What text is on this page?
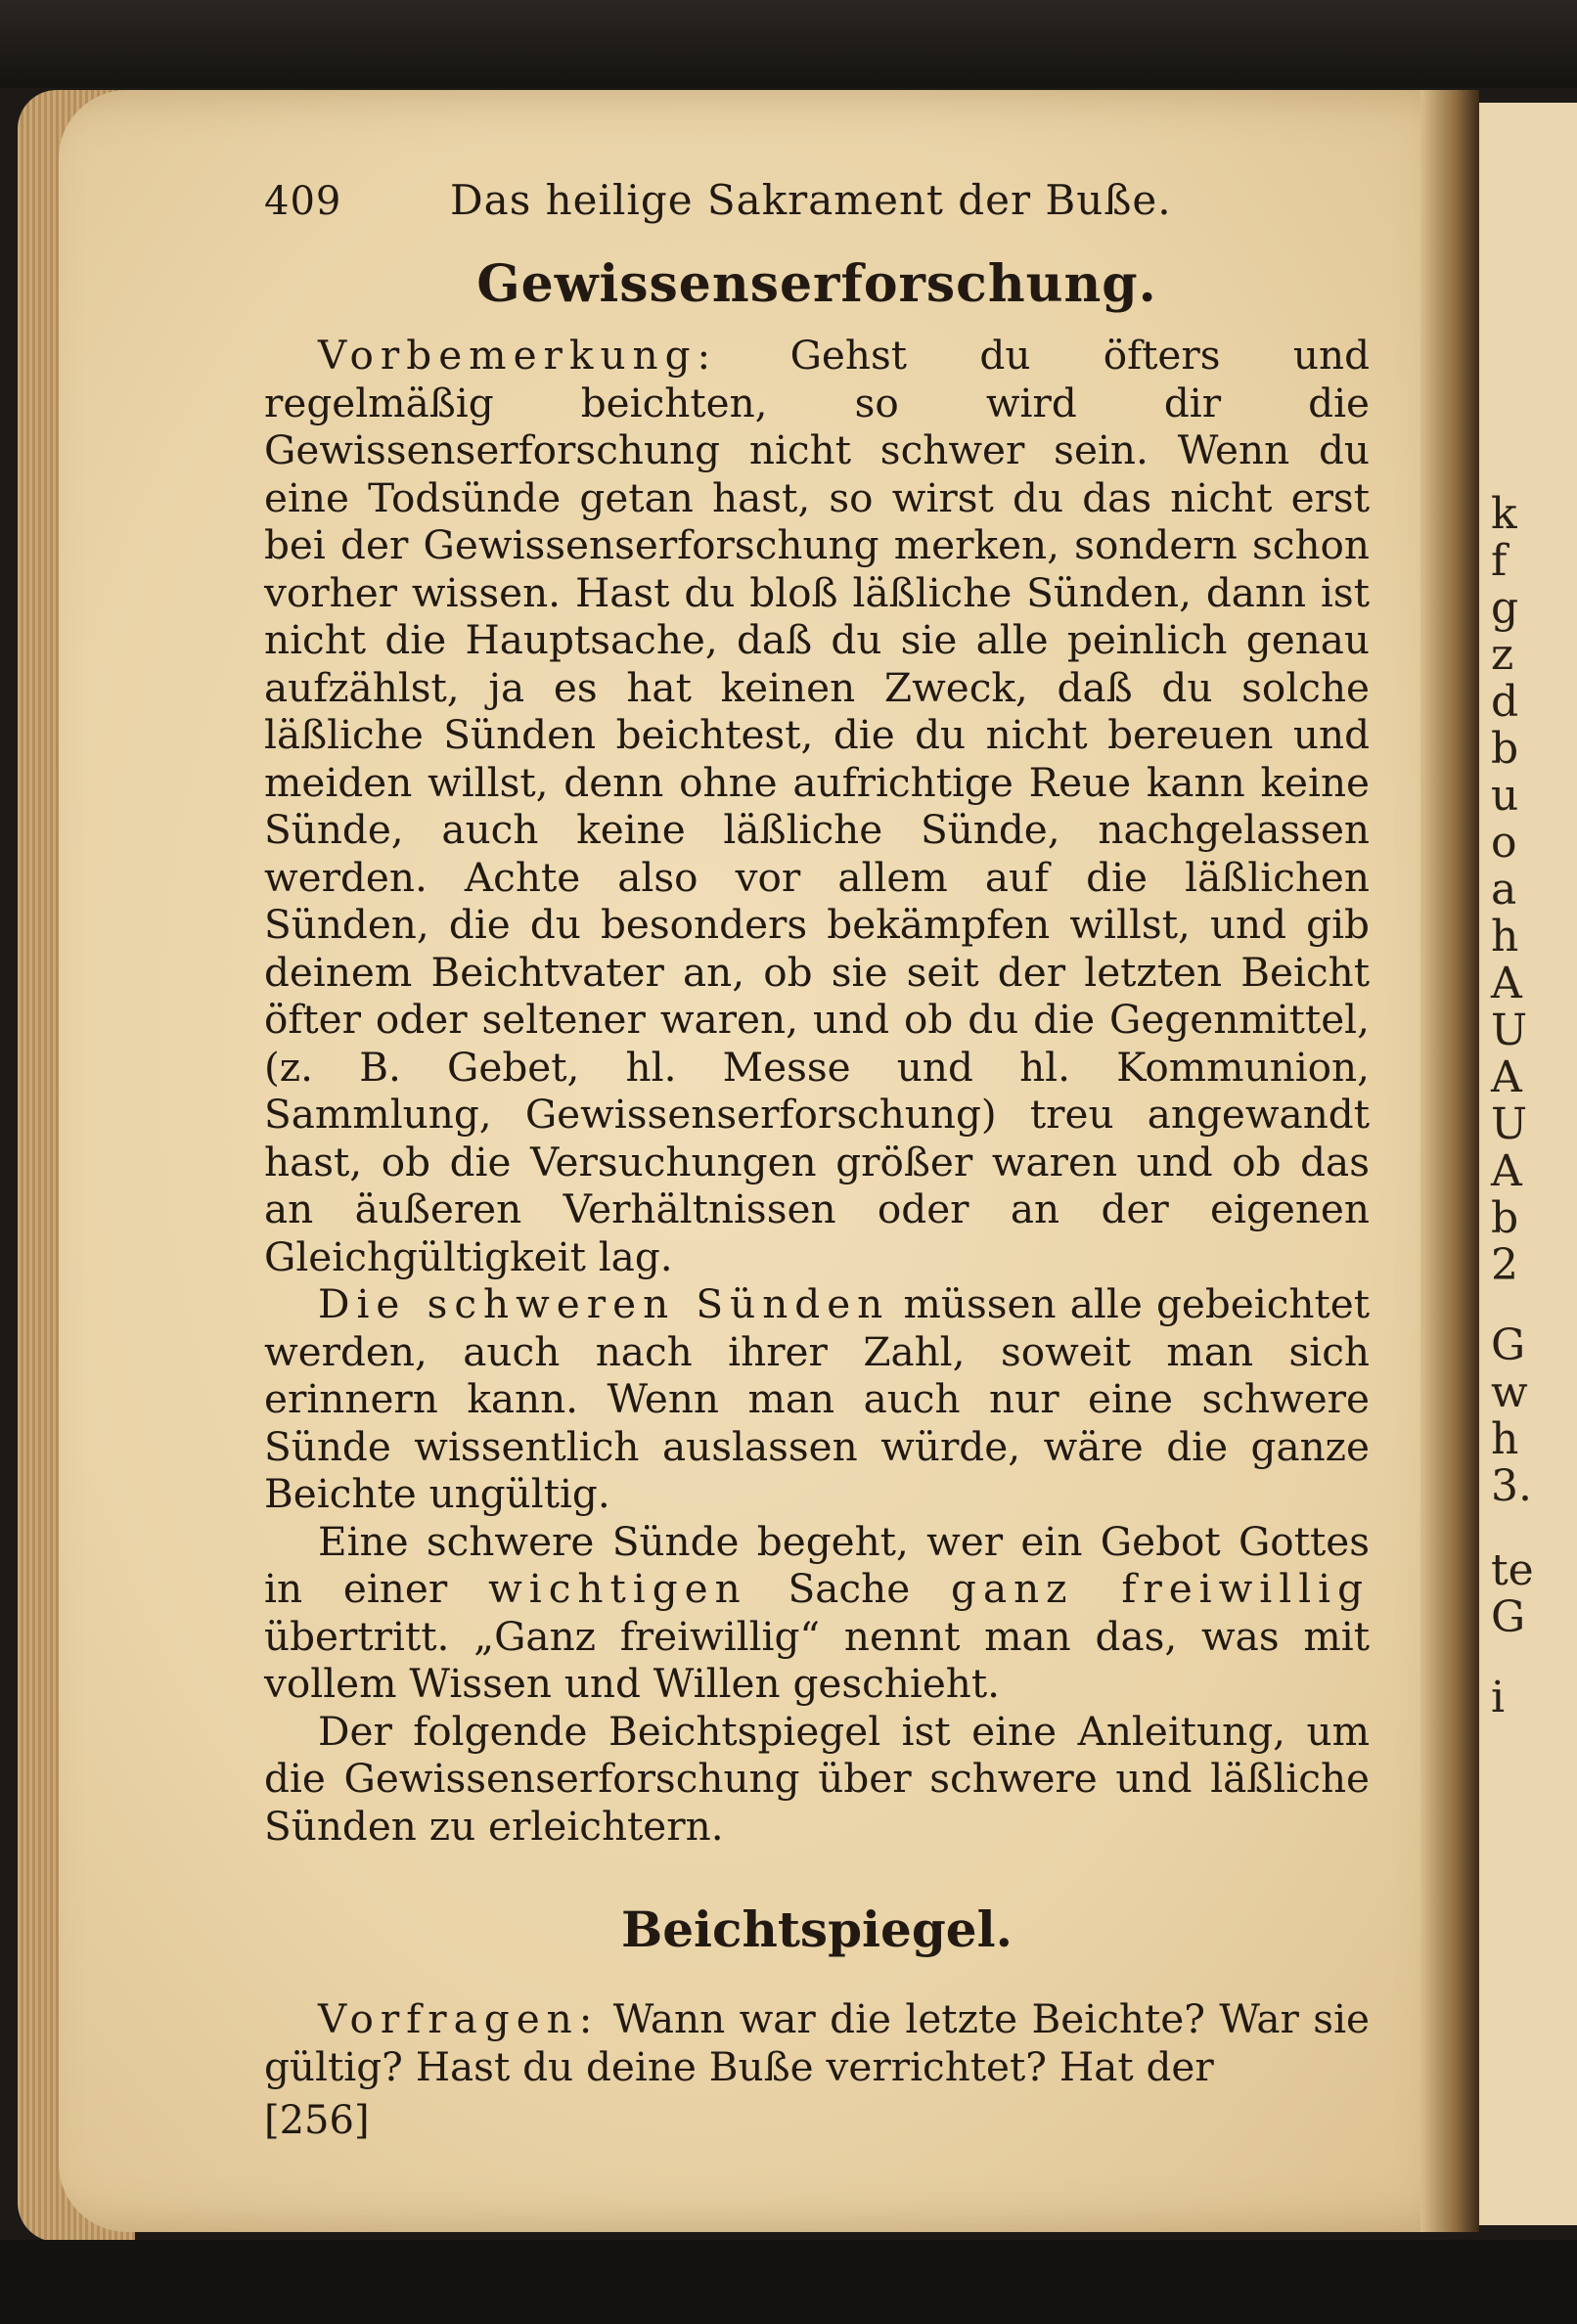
k
f
g
z
d
b
u
o
a
h
A
U
A
U
A
b
2
G
w
h
3.
te
G
i
409	Das heilige Sakrament der Buße.
Gewissenserforschung.

Vorbemerkung: Gehst du öfters und regelmäßig beichten, so wird dir die Gewissenserforschung nicht schwer sein. Wenn du eine Todsünde getan hast, so wirst du das nicht erst bei der Gewissenserforschung merken, sondern schon vorher wissen. Hast du bloß läßliche Sünden, dann ist nicht die Hauptsache, daß du sie alle peinlich genau aufzählst, ja es hat keinen Zweck, daß du solche läßliche Sünden beichtest, die du nicht bereuen und meiden willst, denn ohne aufrichtige Reue kann keine Sünde, auch keine läßliche Sünde, nachgelassen werden. Achte also vor allem auf die läßlichen Sünden, die du besonders bekämpfen willst, und gib deinem Beichtvater an, ob sie seit der letzten Beicht öfter oder seltener waren, und ob du die Gegenmittel, (z. B. Gebet, hl. Messe und hl. Kommunion, Sammlung, Gewissenserforschung) treu angewandt hast, ob die Versuchungen größer waren und ob das an äußeren Verhältnissen oder an der eigenen Gleichgültigkeit lag.

Die schweren Sünden müssen alle gebeichtet werden, auch nach ihrer Zahl, soweit man sich erinnern kann. Wenn man auch nur eine schwere Sünde wissentlich auslassen würde, wäre die ganze Beichte ungültig.

Eine schwere Sünde begeht, wer ein Gebot Gottes in einer wichtigen Sache ganz freiwillig übertritt. „Ganz freiwillig“ nennt man das, was mit vollem Wissen und Willen geschieht.

Der folgende Beichtspiegel ist eine Anleitung, um die Gewissenserforschung über schwere und läßliche Sünden zu erleichtern.

Beichtspiegel.

Vorfragen: Wann war die letzte Beichte? War sie gültig? Hast du deine Buße verrichtet? Hat der

[256]
